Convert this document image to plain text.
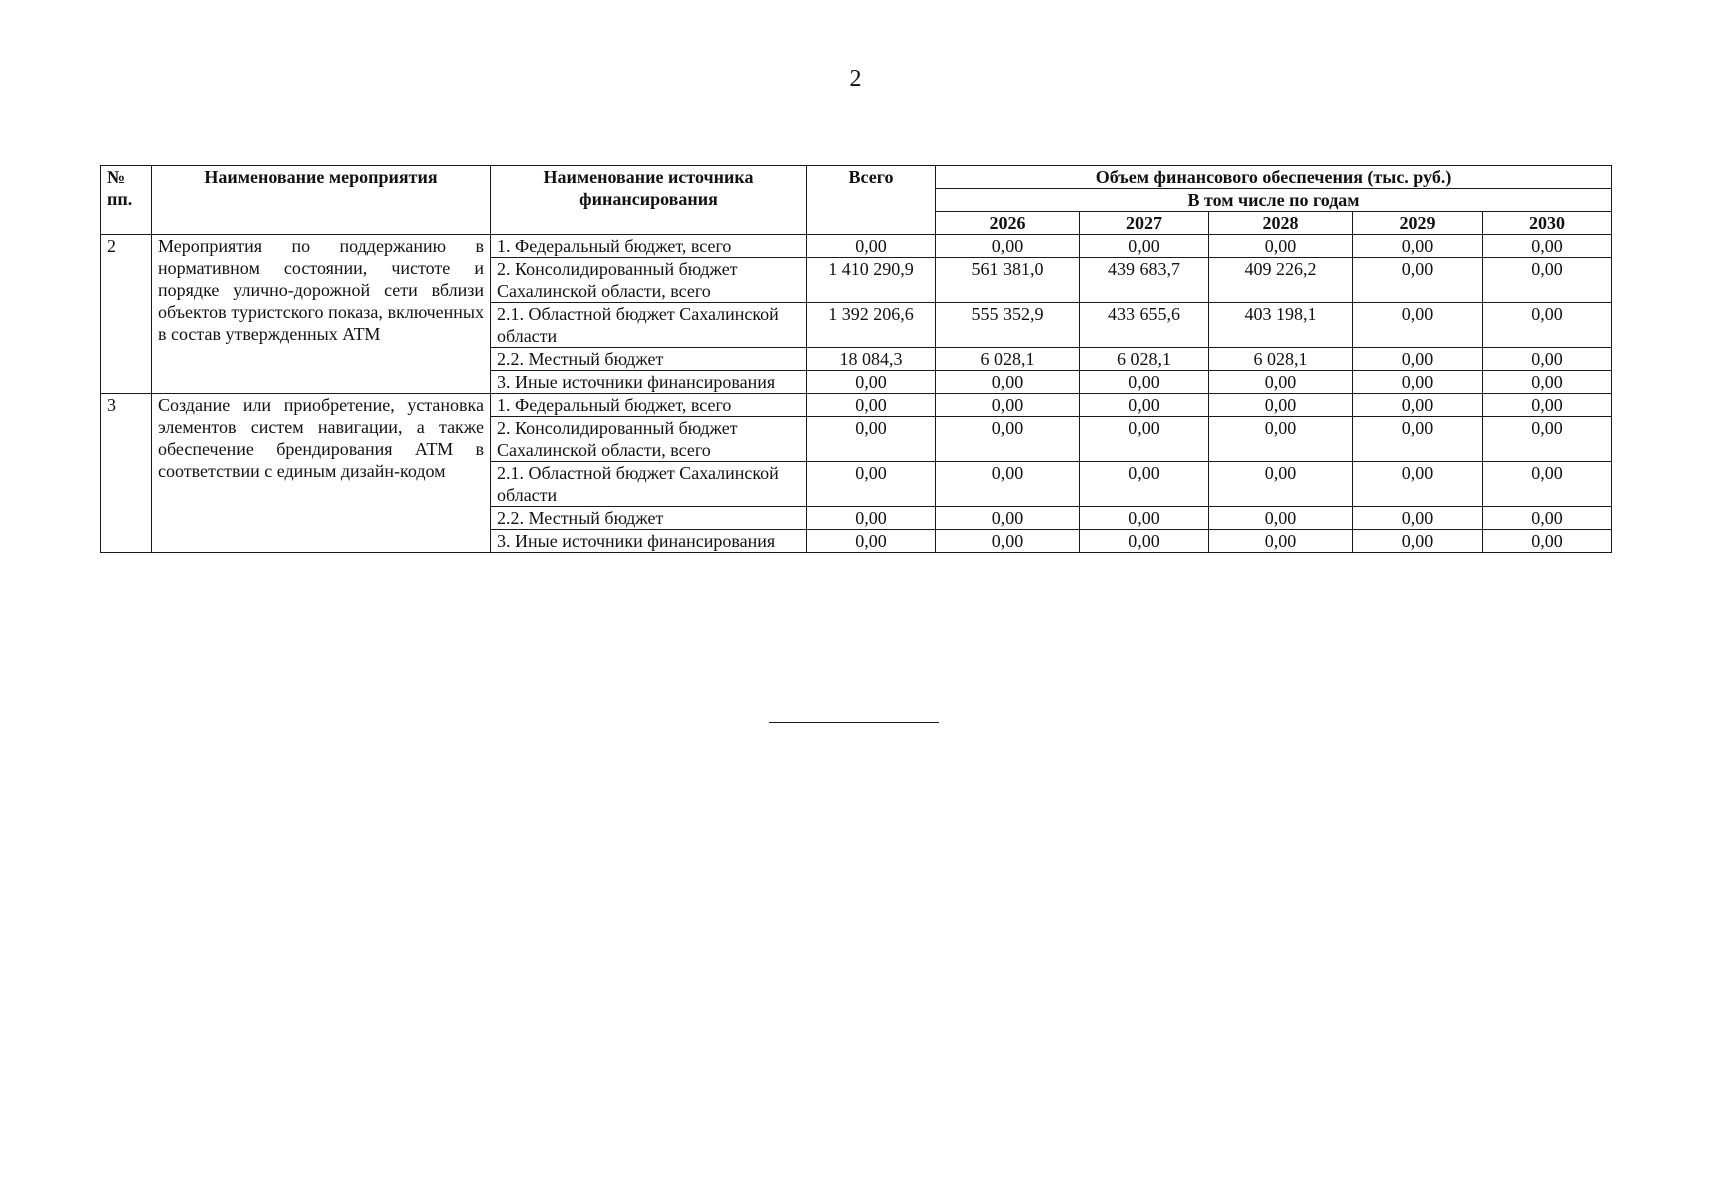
2
№ пп.	Наименование мероприятия	Наименование источника финансирования	Всего	Объем финансового обеспечения (тыс. руб.)				
				В том числе по годам				
				2026	2027	2028	2029	2030
2	Мероприятия по поддержанию в нормативном состоянии, чистоте и порядке улично-дорожной сети вблизи объектов туристского показа, включенных в состав утвержденных АТМ	1. Федеральный бюджет, всего	0,00	0,00	0,00	0,00	0,00	0,00
		2. Консолидированный бюджет Сахалинской области, всего	1 410 290,9	561 381,0	439 683,7	409 226,2	0,00	0,00
		2.1. Областной бюджет Сахалинской области	1 392 206,6	555 352,9	433 655,6	403 198,1	0,00	0,00
		2.2. Местный бюджет	18 084,3	6 028,1	6 028,1	6 028,1	0,00	0,00
		3. Иные источники финансирования	0,00	0,00	0,00	0,00	0,00	0,00
3	Создание или приобретение, установка элементов систем навигации, а также обеспечение брендирования АТМ в соответствии с единым дизайн-кодом	1. Федеральный бюджет, всего	0,00	0,00	0,00	0,00	0,00	0,00
		2. Консолидированный бюджет Сахалинской области, всего	0,00	0,00	0,00	0,00	0,00	0,00
		2.1. Областной бюджет Сахалинской области	0,00	0,00	0,00	0,00	0,00	0,00
		2.2. Местный бюджет	0,00	0,00	0,00	0,00	0,00	0,00
		3. Иные источники финансирования	0,00	0,00	0,00	0,00	0,00	0,00
